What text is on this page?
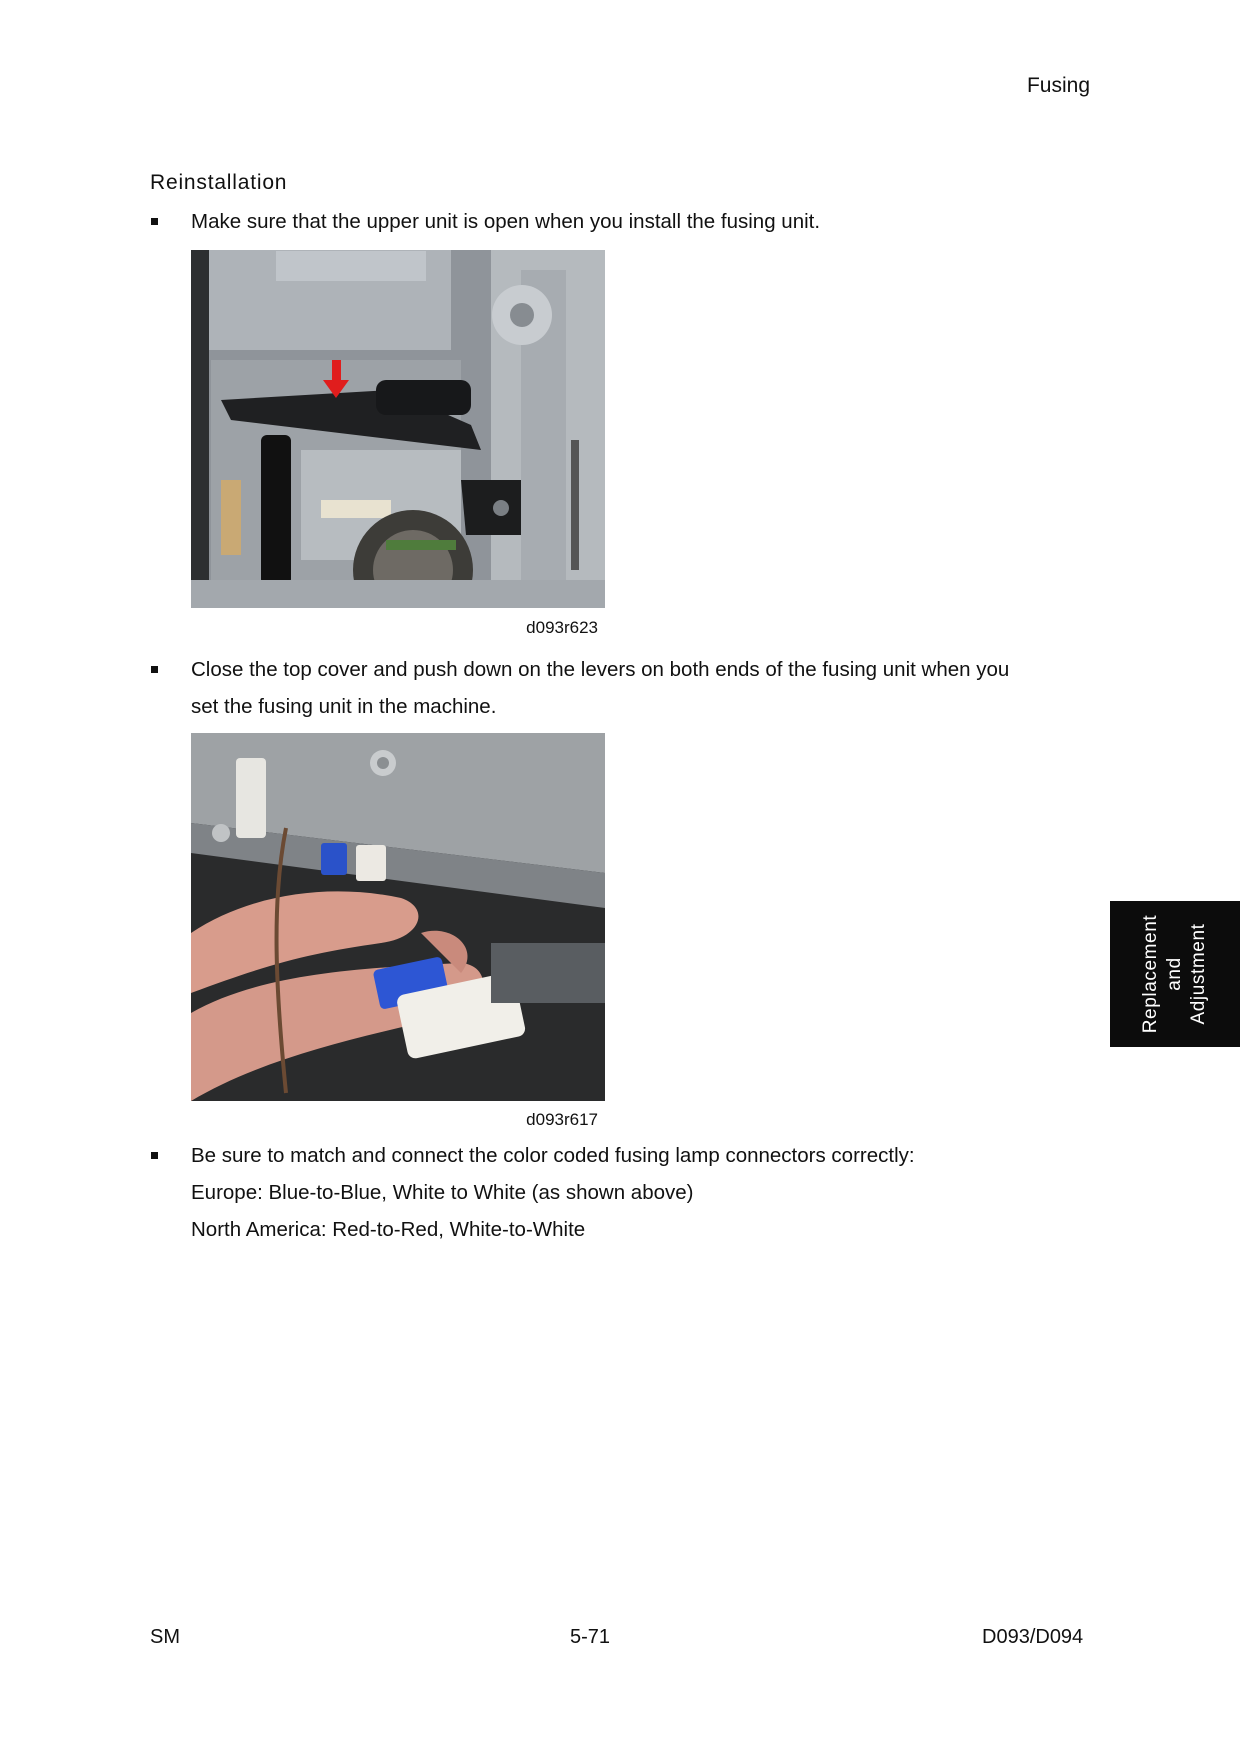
Fusing
Reinstallation
Make sure that the upper unit is open when you install the fusing unit.
d093r623
Close the top cover and push down on the levers on both ends of the fusing unit when you
set the fusing unit in the machine.
d093r617
Be sure to match and connect the color coded fusing lamp connectors correctly:
Europe: Blue-to-Blue, White to White (as shown above)
North America: Red-to-Red, White-to-White
Replacement and Adjustment
SM	5-71	D093/D094
